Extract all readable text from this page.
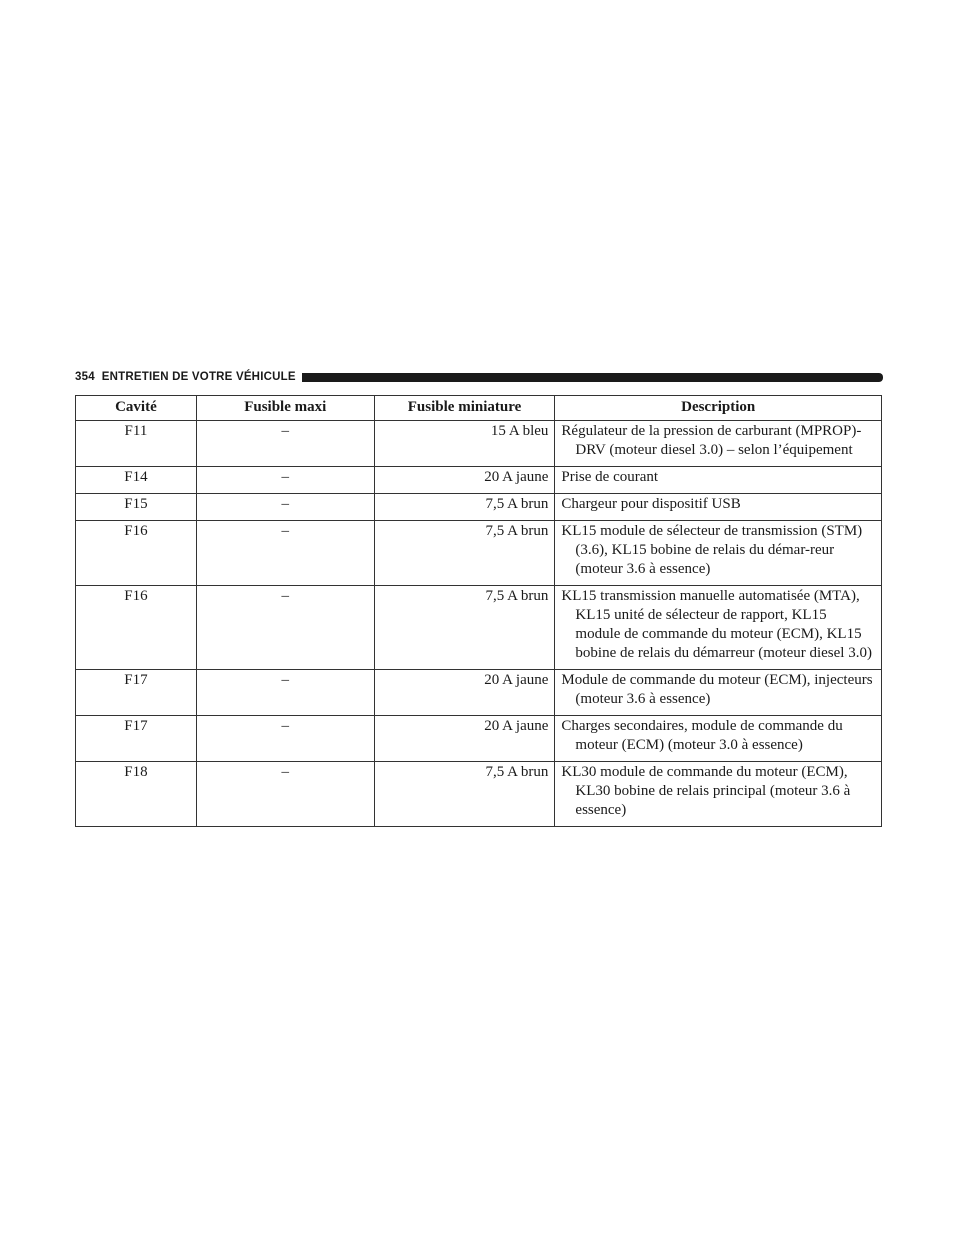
354 ENTRETIEN DE VOTRE VÉHICULE
Cavité	Fusible maxi	Fusible miniature	Description
F11	–	15 A bleu	Régulateur de la pression de carburant (MPROP)-DRV (moteur diesel 3.0) – selon l’équipement

F14	–	20 A jaune	Prise de courant

F15	–	7,5 A brun	Chargeur pour dispositif USB

F16	–	7,5 A brun	KL15 module de sélecteur de transmission (STM) (3.6), KL15 bobine de relais du démar-reur (moteur 3.6 à essence)

F16	–	7,5 A brun	KL15 transmission manuelle automatisée (MTA), KL15 unité de sélecteur de rapport, KL15 module de commande du moteur (ECM), KL15 bobine de relais du démarreur (moteur diesel 3.0)

F17	–	20 A jaune	Module de commande du moteur (ECM), injecteurs (moteur 3.6 à essence)

F17	–	20 A jaune	Charges secondaires, module de commande du moteur (ECM) (moteur 3.0 à essence)

F18	–	7,5 A brun	KL30 module de commande du moteur (ECM), KL30 bobine de relais principal (moteur 3.6 à essence)
